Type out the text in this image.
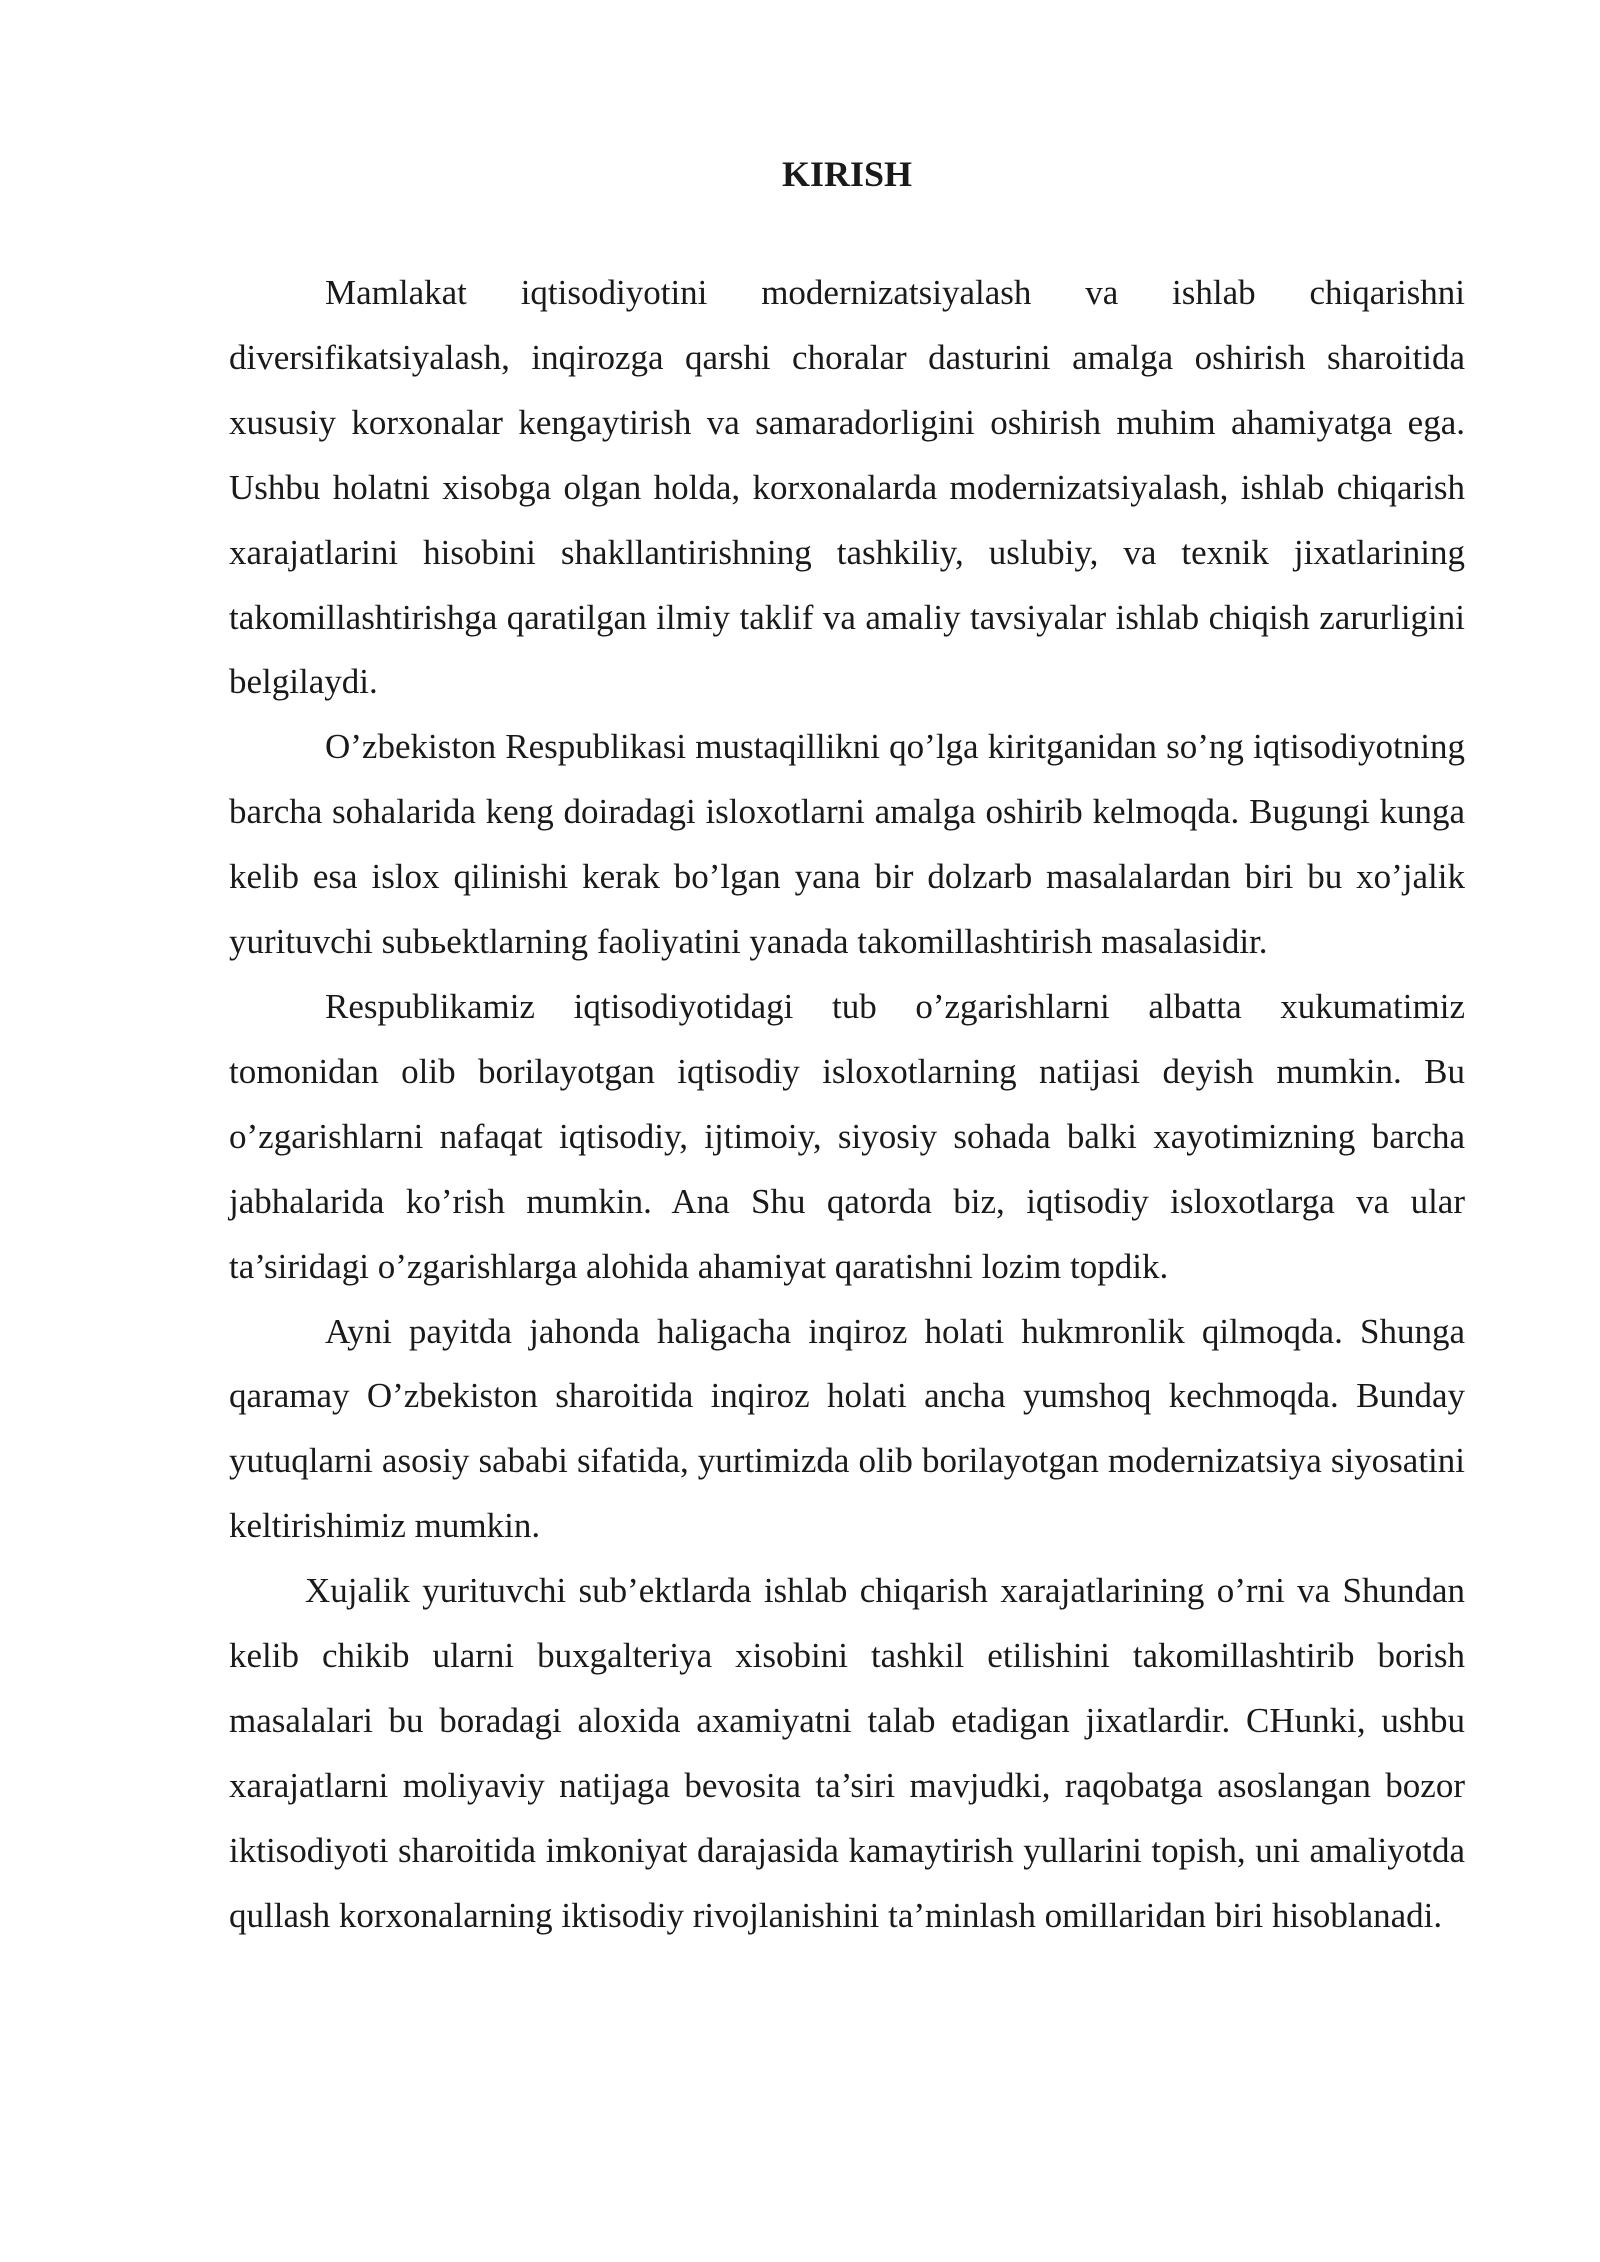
KIRISH

Mamlakat iqtisodiyotini modernizatsiyalash va ishlab chiqarishni diversifikatsiyalash, inqirozga qarshi choralar dasturini amalga oshirish sharoitida xususiy korxonalar kengaytirish va samaradorligini oshirish muhim ahamiyatga ega. Ushbu holatni xisobga olgan holda, korxonalarda modernizatsiyalash, ishlab chiqarish xarajatlarini hisobini shakllantirishning tashkiliy, uslubiy, va texnik jixatlarining takomillashtirishga qaratilgan ilmiy taklif va amaliy tavsiyalar ishlab chiqish zarurligini belgilaydi.

O’zbekiston Respublikasi mustaqillikni qo’lga kiritganidan so’ng iqtisodiyotning barcha sohalarida keng doiradagi isloxotlarni amalga oshirib kelmoqda. Bugungi kunga kelib esa islox qilinishi kerak bo’lgan yana bir dolzarb masalalardan biri bu xo’jalik yurituvchi subьektlarning faoliyatini yanada takomillashtirish masalasidir.

Respublikamiz iqtisodiyotidagi tub o’zgarishlarni albatta xukumatimiz tomonidan olib borilayotgan iqtisodiy isloxotlarning natijasi deyish mumkin. Bu o’zgarishlarni nafaqat iqtisodiy, ijtimoiy, siyosiy sohada balki xayotimizning barcha jabhalarida ko’rish mumkin. Ana Shu qatorda biz, iqtisodiy isloxotlarga va ular ta’siridagi o’zgarishlarga alohida ahamiyat qaratishni lozim topdik.

Ayni payitda jahonda haligacha inqiroz holati hukmronlik qilmoqda. Shunga qaramay O’zbekiston sharoitida inqiroz holati ancha yumshoq kechmoqda. Bunday yutuqlarni asosiy sababi sifatida, yurtimizda olib borilayotgan modernizatsiya siyosatini keltirishimiz mumkin.

Xujalik yurituvchi sub’ektlarda ishlab chiqarish xarajatlarining o’rni va Shundan kelib chikib ularni buxgalteriya xisobini tashkil etilishini takomillashtirib borish masalalari bu boradagi aloxida axamiyatni talab etadigan jixatlardir. CHunki, ushbu xarajatlarni moliyaviy natijaga bevosita ta’siri mavjudki, raqobatga asoslangan bozor iktisodiyoti sharoitida imkoniyat darajasida kamaytirish yullarini topish, uni amaliyotda qullash korxonalarning iktisodiy rivojlanishini ta’minlash omillaridan biri hisoblanadi.
